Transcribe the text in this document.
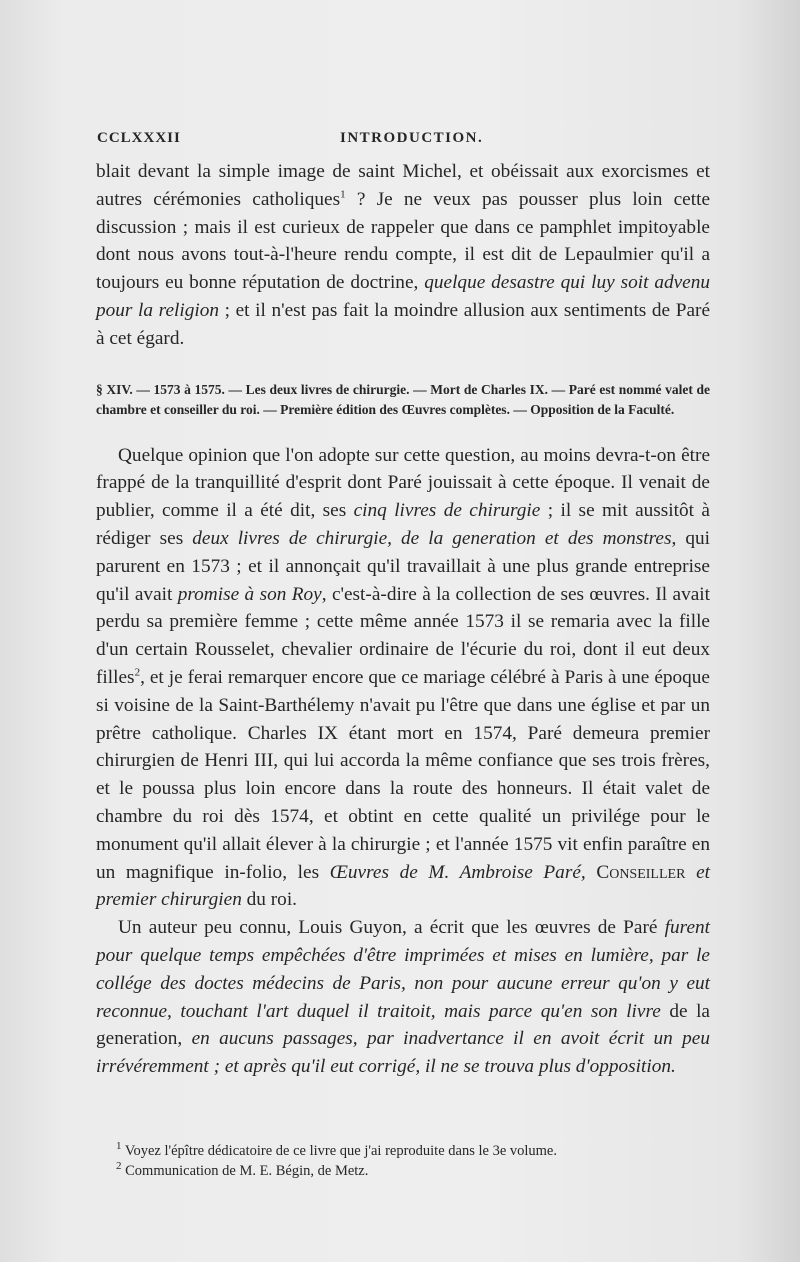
CCLXXXII	INTRODUCTION.

blait devant la simple image de saint Michel, et obéissait aux exorcismes et autres cérémonies catholiques$^1$ ? Je ne veux pas pousser plus loin cette discussion ; mais il est curieux de rappeler que dans ce pamphlet impitoyable dont nous avons tout-à-l'heure rendu compte, il est dit de Lepaulmier qu'il a toujours eu bonne réputation de doctrine, quelque desastre qui luy soit advenu pour la religion ; et il n'est pas fait la moindre allusion aux sentiments de Paré à cet égard.

§ XIV. — 1573 à 1575. — Les deux livres de chirurgie. — Mort de Charles IX. — Paré est nommé valet de chambre et conseiller du roi. — Première édition des Œuvres complètes. — Opposition de la Faculté.

Quelque opinion que l'on adopte sur cette question, au moins devra-t-on être frappé de la tranquillité d'esprit dont Paré jouissait à cette époque. Il venait de publier, comme il a été dit, ses cinq livres de chirurgie ; il se mit aussitôt à rédiger ses deux livres de chirurgie, de la generation et des monstres, qui parurent en 1573 ; et il annonçait qu'il travaillait à une plus grande entreprise qu'il avait promise à son Roy, c'est-à-dire à la collection de ses œuvres. Il avait perdu sa première femme ; cette même année 1573 il se remaria avec la fille d'un certain Rousselet, chevalier ordinaire de l'écurie du roi, dont il eut deux filles$^2$, et je ferai remarquer encore que ce mariage célébré à Paris à une époque si voisine de la Saint-Barthélemy n'avait pu l'être que dans une église et par un prêtre catholique. Charles IX étant mort en 1574, Paré demeura premier chirurgien de Henri III, qui lui accorda la même confiance que ses trois frères, et le poussa plus loin encore dans la route des honneurs. Il était valet de chambre du roi dès 1574, et obtint en cette qualité un privilége pour le monument qu'il allait élever à la chirurgie ; et l'année 1575 vit enfin paraître en un magnifique in-folio, les Œuvres de M. Ambroise Paré, Conseiller et premier chirurgien du roi.

Un auteur peu connu, Louis Guyon, a écrit que les œuvres de Paré furent pour quelque temps empêchées d'être imprimées et mises en lumière, par le collége des doctes médecins de Paris, non pour aucune erreur qu'on y eut reconnue, touchant l'art duquel il traitoit, mais parce qu'en son livre de la generation, en aucuns passages, par inadvertance il en avoit écrit un peu irrévéremment ; et après qu'il eut corrigé, il ne se trouva plus d'opposition.

$^1$ Voyez l'épître dédicatoire de ce livre que j'ai reproduite dans le 3e volume.

$^2$ Communication de M. E. Bégin, de Metz.
